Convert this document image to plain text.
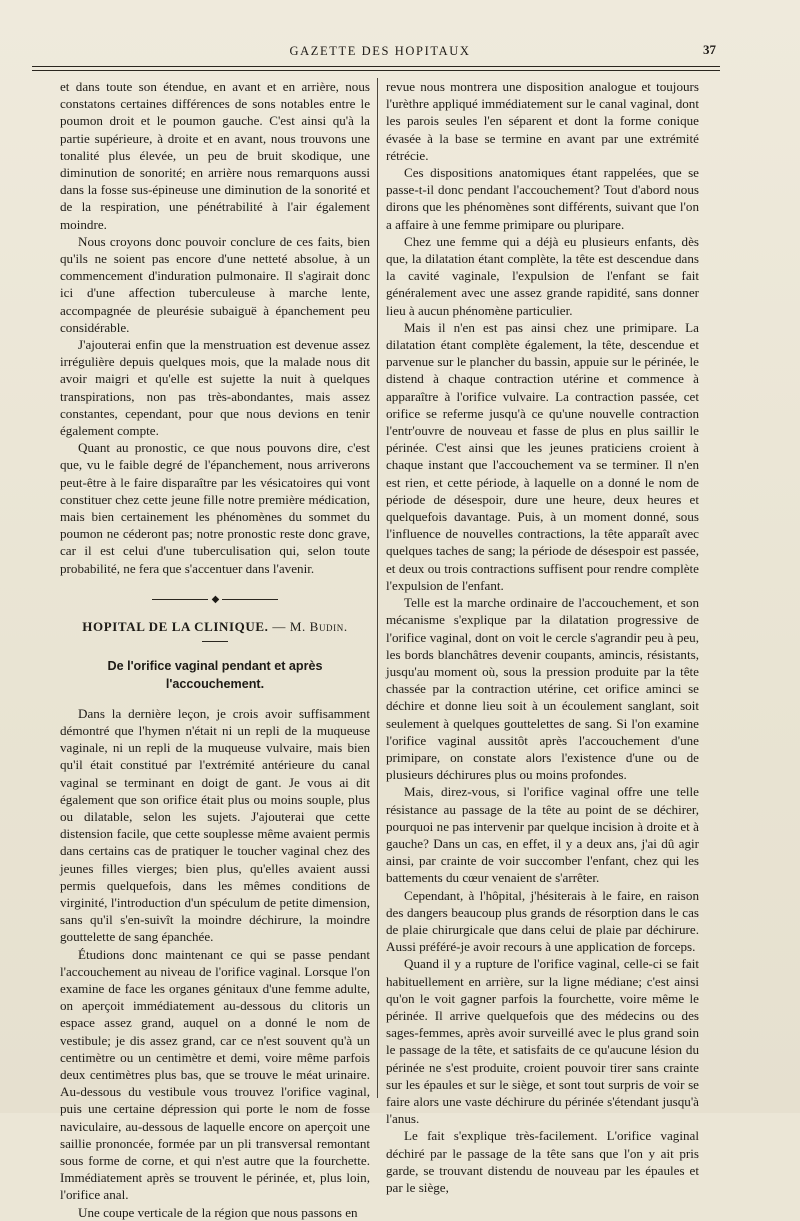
GAZETTE DES HOPITAUX	37

et dans toute son étendue, en avant et en arrière, nous constatons certaines différences de sons notables entre le poumon droit et le poumon gauche. C'est ainsi qu'à la partie supérieure, à droite et en avant, nous trouvons une tonalité plus élevée, un peu de bruit skodique, une diminution de sonorité; en arrière nous remarquons aussi dans la fosse sus-épineuse une diminution de la sonorité et de la respiration, une pénétrabilité à l'air également moindre.

Nous croyons donc pouvoir conclure de ces faits, bien qu'ils ne soient pas encore d'une netteté absolue, à un commencement d'induration pulmonaire. Il s'agirait donc ici d'une affection tuberculeuse à marche lente, accompagnée de pleurésie subaiguë à épanchement peu considérable.

J'ajouterai enfin que la menstruation est devenue assez irrégulière depuis quelques mois, que la malade nous dit avoir maigri et qu'elle est sujette la nuit à quelques transpirations, non pas très-abondantes, mais assez constantes, cependant, pour que nous devions en tenir également compte.

Quant au pronostic, ce que nous pouvons dire, c'est que, vu le faible degré de l'épanchement, nous arriverons peut-être à le faire disparaître par les vésicatoires qui vont constituer chez cette jeune fille notre première médication, mais bien certainement les phénomènes du sommet du poumon ne céderont pas; notre pronostic reste donc grave, car il est celui d'une tuberculisation qui, selon toute probabilité, ne fera que s'accentuer dans l'avenir.

◆
HOPITAL DE LA CLINIQUE. — M. Budin.
De l'orifice vaginal pendant et après l'accouchement.

Dans la dernière leçon, je crois avoir suffisamment démontré que l'hymen n'était ni un repli de la muqueuse vaginale, ni un repli de la muqueuse vulvaire, mais bien qu'il était constitué par l'extrémité antérieure du canal vaginal se terminant en doigt de gant. Je vous ai dit également que son orifice était plus ou moins souple, plus ou dilatable, selon les sujets. J'ajouterai que cette distension facile, que cette souplesse même avaient permis dans certains cas de pratiquer le toucher vaginal chez des jeunes filles vierges; bien plus, qu'elles avaient aussi permis quelquefois, dans les mêmes conditions de virginité, l'introduction d'un spéculum de petite dimension, sans qu'il s'en-suivît la moindre déchirure, la moindre gouttelette de sang épanchée.

Étudions donc maintenant ce qui se passe pendant l'accouchement au niveau de l'orifice vaginal. Lorsque l'on examine de face les organes génitaux d'une femme adulte, on aperçoit immédiatement au-dessous du clitoris un espace assez grand, auquel on a donné le nom de vestibule; je dis assez grand, car ce n'est souvent qu'à un centimètre ou un centimètre et demi, voire même parfois deux centimètres plus bas, que se trouve le méat urinaire. Au-dessous du vestibule vous trouvez l'orifice vaginal, puis une certaine dépression qui porte le nom de fosse naviculaire, au-dessous de laquelle encore on aperçoit une saillie prononcée, formée par un pli transversal remontant sous forme de corne, et qui n'est autre que la fourchette. Immédiatement après se trouvent le périnée, et, plus loin, l'orifice anal.

Une coupe verticale de la région que nous passons en

revue nous montrera une disposition analogue et toujours l'urèthre appliqué immédiatement sur le canal vaginal, dont les parois seules l'en séparent et dont la forme conique évasée à la base se termine en avant par une extrémité rétrécie.

Ces dispositions anatomiques étant rappelées, que se passe-t-il donc pendant l'accouchement? Tout d'abord nous dirons que les phénomènes sont différents, suivant que l'on a affaire à une femme primipare ou pluripare.

Chez une femme qui a déjà eu plusieurs enfants, dès que, la dilatation étant complète, la tête est descendue dans la cavité vaginale, l'expulsion de l'enfant se fait généralement avec une assez grande rapidité, sans donner lieu à aucun phénomène particulier.

Mais il n'en est pas ainsi chez une primipare. La dilatation étant complète également, la tête, descendue et parvenue sur le plancher du bassin, appuie sur le périnée, le distend à chaque contraction utérine et commence à apparaître à l'orifice vulvaire. La contraction passée, cet orifice se referme jusqu'à ce qu'une nouvelle contraction l'entr'ouvre de nouveau et fasse de plus en plus saillir le périnée. C'est ainsi que les jeunes praticiens croient à chaque instant que l'accouchement va se terminer. Il n'en est rien, et cette période, à laquelle on a donné le nom de période de désespoir, dure une heure, deux heures et quelquefois davantage. Puis, à un moment donné, sous l'influence de nouvelles contractions, la tête apparaît avec quelques taches de sang; la période de désespoir est passée, et deux ou trois contractions suffisent pour rendre complète l'expulsion de l'enfant.

Telle est la marche ordinaire de l'accouchement, et son mécanisme s'explique par la dilatation progressive de l'orifice vaginal, dont on voit le cercle s'agrandir peu à peu, les bords blanchâtres devenir coupants, amincis, résistants, jusqu'au moment où, sous la pression produite par la tête chassée par la contraction utérine, cet orifice aminci se déchire et donne lieu soit à un écoulement sanglant, soit seulement à quelques gouttelettes de sang. Si l'on examine l'orifice vaginal aussitôt après l'accouchement d'une primipare, on constate alors l'existence d'une ou de plusieurs déchirures plus ou moins profondes.

Mais, direz-vous, si l'orifice vaginal offre une telle résistance au passage de la tête au point de se déchirer, pourquoi ne pas intervenir par quelque incision à droite et à gauche? Dans un cas, en effet, il y a deux ans, j'ai dû agir ainsi, par crainte de voir succomber l'enfant, chez qui les battements du cœur venaient de s'arrêter.

Cependant, à l'hôpital, j'hésiterais à le faire, en raison des dangers beaucoup plus grands de résorption dans le cas de plaie chirurgicale que dans celui de plaie par déchirure. Aussi préféré-je avoir recours à une application de forceps.

Quand il y a rupture de l'orifice vaginal, celle-ci se fait habituellement en arrière, sur la ligne médiane; c'est ainsi qu'on le voit gagner parfois la fourchette, voire même le périnée. Il arrive quelquefois que des médecins ou des sages-femmes, après avoir surveillé avec le plus grand soin le passage de la tête, et satisfaits de ce qu'aucune lésion du périnée ne s'est produite, croient pouvoir tirer sans crainte sur les épaules et sur le siège, et sont tout surpris de voir se faire alors une vaste déchirure du périnée s'étendant jusqu'à l'anus.

Le fait s'explique très-facilement. L'orifice vaginal déchiré par le passage de la tête sans que l'on y ait pris garde, se trouvant distendu de nouveau par les épaules et par le siège,
